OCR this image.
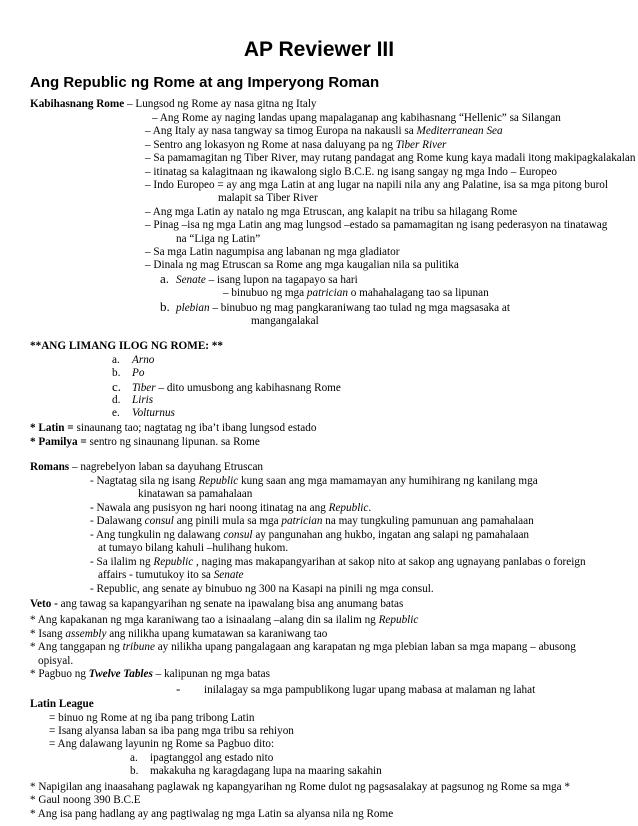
AP Reviewer III
Ang Republic ng Rome at ang Imperyong Roman
Kabihasnang Rome – Lungsod ng Rome ay nasa gitna ng Italy
– Ang Rome ay naging landas upang mapalaganap ang kabihasnang “Hellenic” sa Silangan
– Ang Italy ay nasa tangway sa timog Europa na nakausli sa Mediterranean Sea
– Sentro ang lokasyon ng Rome at nasa daluyang pa ng Tiber River
– Sa pamamagitan ng Tiber River, may rutang pandagat ang Rome kung kaya madali itong makipagkalakalan
– itinatag sa kalagitnaan ng ikawalong siglo B.C.E. ng isang sangay ng mga Indo – Europeo
– Indo Europeo = ay ang mga Latin at ang lugar na napili nila any ang Palatine, isa sa mga pitong burol
malapit sa Tiber River
– Ang mga Latin ay natalo ng mga Etruscan, ang kalapit na tribu sa hilagang Rome
– Pinag –isa ng mga Latin ang mag lungsod –estado sa pamamagitan ng isang pederasyon na tinatawag
na “Liga ng Latin”
– Sa mga Latin nagumpisa ang labanan ng mga gladiator
– Dinala ng mag Etruscan sa Rome ang mga kaugalian nila sa pulitika
a. Senate – isang lupon na tagapayo sa hari
– binubuo ng mga patrician o mahahalagang tao sa lipunan
b. plebian – binubuo ng mag pangkaraniwang tao tulad ng mga magsasaka at
mangangalakal
**ANG LIMANG ILOG NG ROME: **
a. Arno
b. Po
c. Tiber – dito umusbong ang kabihasnang Rome
d. Liris
e. Volturnus
* Latin = sinaunang tao; nagtatag ng iba’t ibang lungsod estado
* Pamilya = sentro ng sinaunang lipunan. sa Rome
Romans – nagrebelyon laban sa dayuhang Etruscan
- Nagtatag sila ng isang Republic kung saan ang mga mamamayan any humihirang ng kanilang mga
kinatawan sa pamahalaan
- Nawala ang pusisyon ng hari noong itinatag na ang Republic.
- Dalawang consul ang pinili mula sa mga patrician na may tungkuling pamunuan ang pamahalaan
- Ang tungkulin ng dalawang consul ay pangunahan ang hukbo, ingatan ang salapi ng pamahalaan
at tumayo bilang kahuli –hulihang hukom.
- Sa ilalim ng Republic , naging mas makapangyarihan at sakop nito at sakop ang ugnayang panlabas o foreign
affairs - tumutukoy ito sa Senate
- Republic, ang senate ay binubuo ng 300 na Kasapi na pinili ng mga consul.
Veto - ang tawag sa kapangyarihan ng senate na ipawalang bisa ang anumang batas
* Ang kapakanan ng mga karaniwang tao a isinaalang –alang din sa ilalim ng Republic
* Isang assembly ang nilikha upang kumatawan sa karaniwang tao
* Ang tanggapan ng tribune ay nilikha upang pangalagaan ang karapatan ng mga plebian laban sa mga mapang – abusong
opisyal.
* Pagbuo ng Twelve Tables – kalipunan ng mga batas
- inilalagay sa mga pampublikong lugar upang mabasa at malaman ng lahat
Latin League
= binuo ng Rome at ng iba pang tribong Latin
= Isang alyansa laban sa iba pang mga tribu sa rehiyon
= Ang dalawang layunin ng Rome sa Pagbuo dito:
a. ipagtanggol ang estado nito
b. makakuha ng karagdagang lupa na maaring sakahin
* Napigilan ang inaasahang paglawak ng kapangyarihan ng Rome dulot ng pagsasalakay at pagsunog ng Rome sa mga *
* Gaul noong 390 B.C.E
* Ang isa pang hadlang ay ang pagtiwalag ng mga Latin sa alyansa nila ng Rome
